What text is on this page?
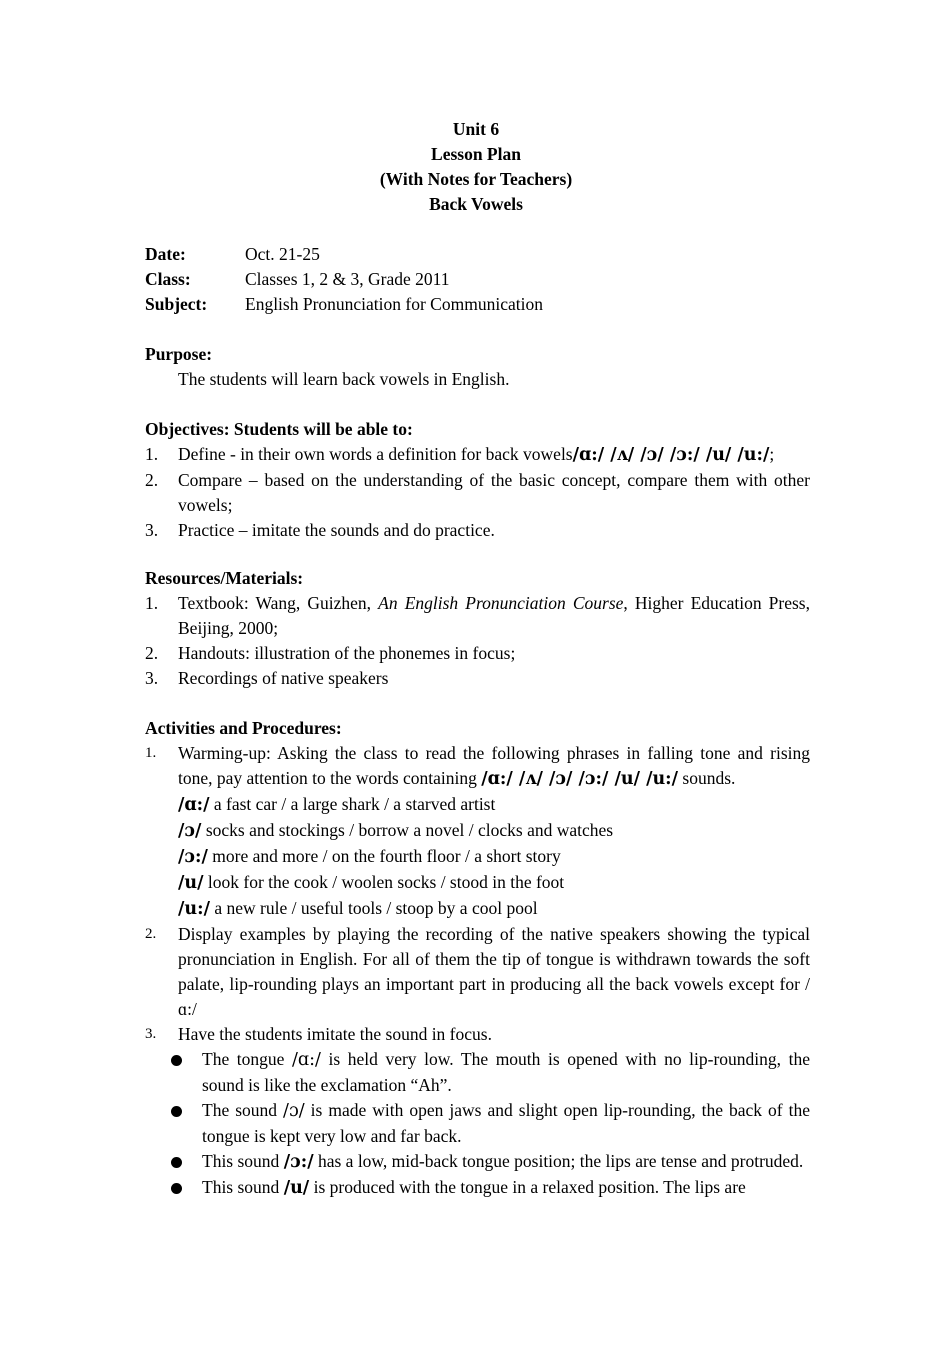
Unit 6
Lesson Plan
(With Notes for Teachers)
Back Vowels
Date:	Oct. 21-25
Class:	Classes 1, 2 & 3, Grade 2011
Subject:	English Pronunciation for Communication
Purpose:
The students will learn back vowels in English.
Objectives: Students will be able to:
1. Define - in their own words a definition for back vowels/ɑ:/ /ʌ/ /ɔ/ /ɔ:/ /u/ /u:/;
2. Compare – based on the understanding of the basic concept, compare them with other vowels;
3. Practice – imitate the sounds and do practice.
Resources/Materials:
1. Textbook: Wang, Guizhen, An English Pronunciation Course, Higher Education Press, Beijing, 2000;
2. Handouts: illustration of the phonemes in focus;
3. Recordings of native speakers
Activities and Procedures:
1. Warming-up: Asking the class to read the following phrases in falling tone and rising tone, pay attention to the words containing /ɑ:/ /ʌ/ /ɔ/ /ɔ:/ /u/ /u:/ sounds.
/ɑ:/ a fast car / a large shark / a starved artist
/ɔ/ socks and stockings / borrow a novel / clocks and watches
/ɔ:/ more and more / on the fourth floor / a short story
/u/ look for the cook / woolen socks / stood in the foot
/u:/ a new rule / useful tools / stoop by a cool pool
2. Display examples by playing the recording of the native speakers showing the typical pronunciation in English. For all of them the tip of tongue is withdrawn towards the soft palate, lip-rounding plays an important part in producing all the back vowels except for /ɑ:/
3. Have the students imitate the sound in focus.
The tongue /ɑ:/ is held very low. The mouth is opened with no lip-rounding, the sound is like the exclamation “Ah”.
The sound /ɔ/ is made with open jaws and slight open lip-rounding, the back of the tongue is kept very low and far back.
This sound /ɔ:/ has a low, mid-back tongue position; the lips are tense and protruded.
This sound /u/ is produced with the tongue in a relaxed position. The lips are
